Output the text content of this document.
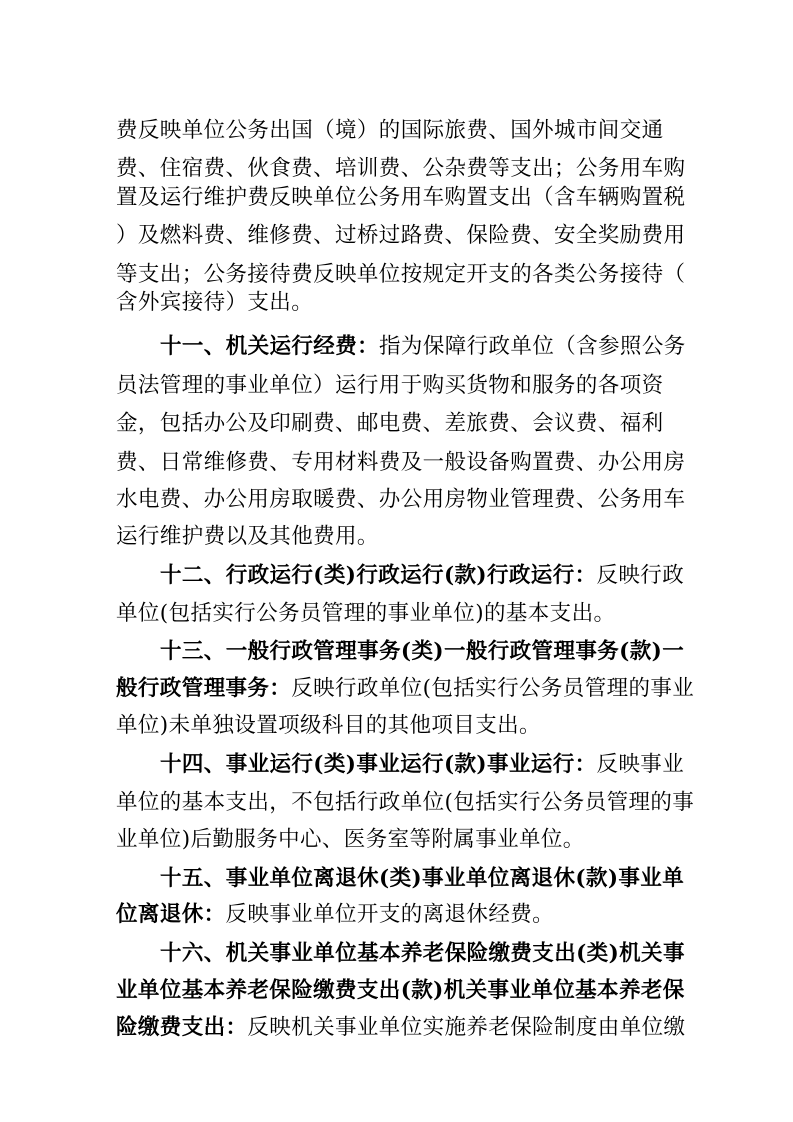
费反映单位公务出国（境）的国际旅费、国外城市间交通
费、住宿费、伙食费、培训费、公杂费等支出；公务用车购
置及运行维护费反映单位公务用车购置支出（含车辆购置税
）及燃料费、维修费、过桥过路费、保险费、安全奖励费用
等支出；公务接待费反映单位按规定开支的各类公务接待（
含外宾接待）支出。
十一、机关运行经费：指为保障行政单位（含参照公务
员法管理的事业单位）运行用于购买货物和服务的各项资
金，包括办公及印刷费、邮电费、差旅费、会议费、福利
费、日常维修费、专用材料费及一般设备购置费、办公用房
水电费、办公用房取暖费、办公用房物业管理费、公务用车
运行维护费以及其他费用。
十二、行政运行(类)行政运行(款)行政运行：反映行政
单位(包括实行公务员管理的事业单位)的基本支出。
十三、一般行政管理事务(类)一般行政管理事务(款)一
般行政管理事务：反映行政单位(包括实行公务员管理的事业
单位)未单独设置项级科目的其他项目支出。
十四、事业运行(类)事业运行(款)事业运行：反映事业
单位的基本支出，不包括行政单位(包括实行公务员管理的事
业单位)后勤服务中心、医务室等附属事业单位。
十五、事业单位离退休(类)事业单位离退休(款)事业单
位离退休：反映事业单位开支的离退休经费。
十六、机关事业单位基本养老保险缴费支出(类)机关事
业单位基本养老保险缴费支出(款)机关事业单位基本养老保
险缴费支出：反映机关事业单位实施养老保险制度由单位缴
